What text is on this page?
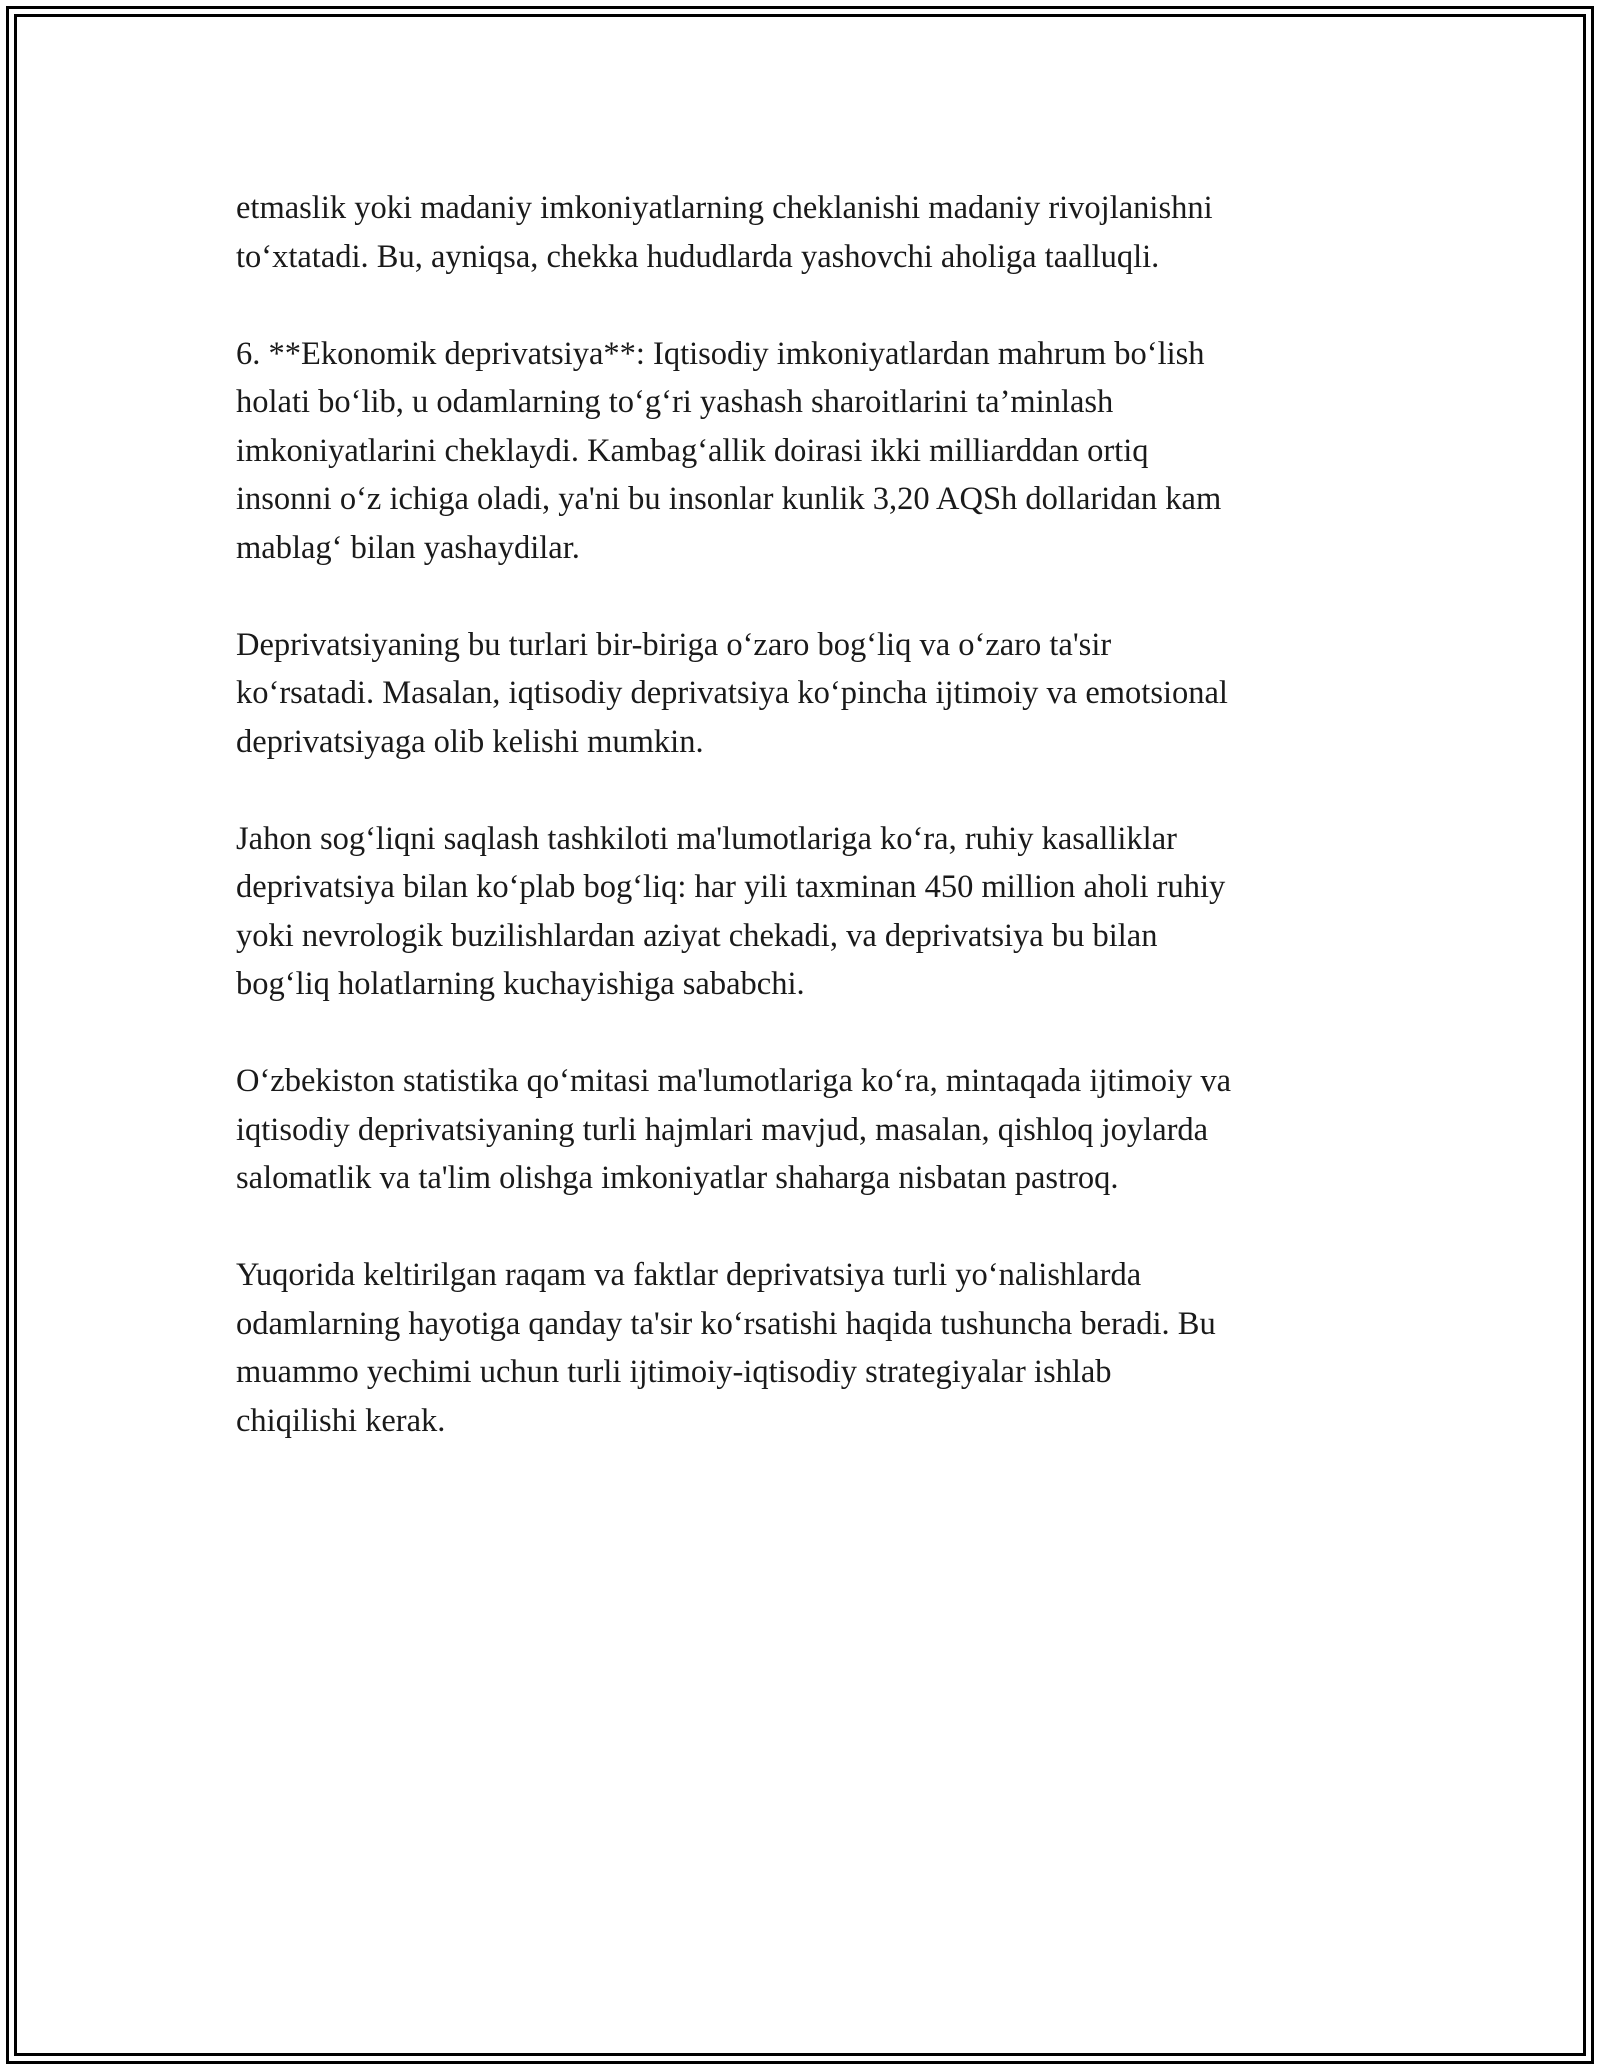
etmaslik yoki madaniy imkoniyatlarning cheklanishi madaniy rivojlanishni
to‘xtatadi. Bu, ayniqsa, chekka hududlarda yashovchi aholiga taalluqli.

6. **Ekonomik deprivatsiya**: Iqtisodiy imkoniyatlardan mahrum bo‘lish
holati bo‘lib, u odamlarning to‘g‘ri yashash sharoitlarini ta’minlash
imkoniyatlarini cheklaydi. Kambag‘allik doirasi ikki milliarddan ortiq
insonni o‘z ichiga oladi, ya'ni bu insonlar kunlik 3,20 AQSh dollaridan kam
mablag‘ bilan yashaydilar.

Deprivatsiyaning bu turlari bir-biriga o‘zaro bog‘liq va o‘zaro ta'sir
ko‘rsatadi. Masalan, iqtisodiy deprivatsiya ko‘pincha ijtimoiy va emotsional
deprivatsiyaga olib kelishi mumkin.

Jahon sog‘liqni saqlash tashkiloti ma'lumotlariga ko‘ra, ruhiy kasalliklar
deprivatsiya bilan ko‘plab bog‘liq: har yili taxminan 450 million aholi ruhiy
yoki nevrologik buzilishlardan aziyat chekadi, va deprivatsiya bu bilan
bog‘liq holatlarning kuchayishiga sababchi.

O‘zbekiston statistika qo‘mitasi ma'lumotlariga ko‘ra, mintaqada ijtimoiy va
iqtisodiy deprivatsiyaning turli hajmlari mavjud, masalan, qishloq joylarda
salomatlik va ta'lim olishga imkoniyatlar shaharga nisbatan pastroq.

Yuqorida keltirilgan raqam va faktlar deprivatsiya turli yo‘nalishlarda
odamlarning hayotiga qanday ta'sir ko‘rsatishi haqida tushuncha beradi. Bu
muammo yechimi uchun turli ijtimoiy-iqtisodiy strategiyalar ishlab
chiqilishi kerak.
